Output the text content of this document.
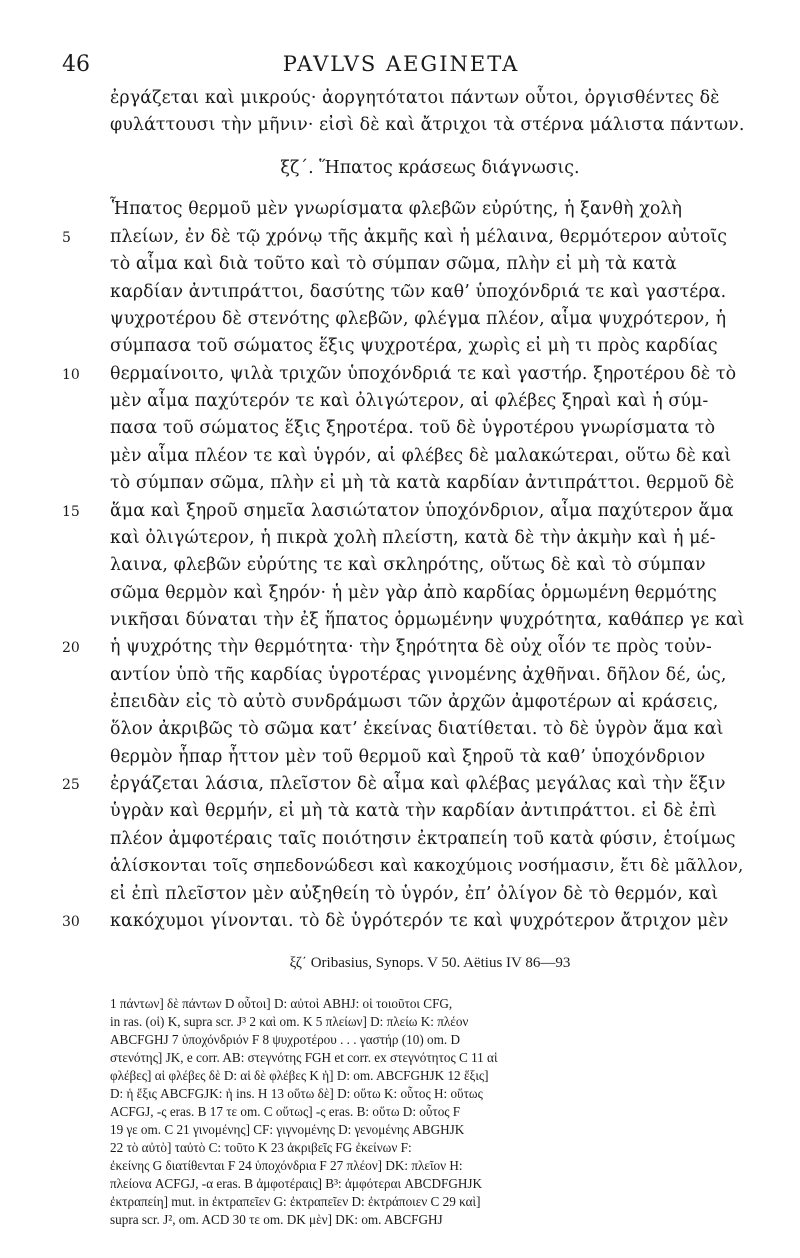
46	PAVLVS AEGINETA
ἐργάζεται καὶ μικρούς· ἀοργητότατοι πάντων οὗτοι, ὀργισθέντες δὲ
φυλάττουσι τὴν μῆνιν· εἰσὶ δὲ καὶ ἄτριχοι τὰ στέρνα μάλιστα πάντων.
ξζ΄. Ἥπατος κράσεως διάγνωσις.
Ἧπατος θερμοῦ μὲν γνωρίσματα φλεβῶν εὐρύτης, ἡ ξανθὴ χολὴ
πλείων, ἐν δὲ τῷ χρόνῳ τῆς ἀκμῆς καὶ ἡ μέλαινα, θερμότερον αὐτοῖς
τὸ αἷμα καὶ διὰ τοῦτο καὶ τὸ σύμπαν σῶμα, πλὴν εἰ μὴ τὰ κατὰ
καρδίαν ἀντιπράττοι, δασύτης τῶν καθ’ ὑποχόνδριά τε καὶ γαστέρα.
ψυχροτέρου δὲ στενότης φλεβῶν, φλέγμα πλέον, αἷμα ψυχρότερον, ἡ
σύμπασα τοῦ σώματος ἕξις ψυχροτέρα, χωρὶς εἰ μὴ τι πρὸς καρδίας
θερμαίνοιτο, ψιλὰ τριχῶν ὑποχόνδριά τε καὶ γαστήρ. ξηροτέρου δὲ τὸ
μὲν αἷμα παχύτερόν τε καὶ ὀλιγώτερον, αἱ φλέβες ξηραὶ καὶ ἡ σύμ-
πασα τοῦ σώματος ἕξις ξηροτέρα. τοῦ δὲ ὑγροτέρου γνωρίσματα τὸ
μὲν αἷμα πλέον τε καὶ ὑγρόν, αἱ φλέβες δὲ μαλακώτεραι, οὕτω δὲ καὶ
τὸ σύμπαν σῶμα, πλὴν εἰ μὴ τὰ κατὰ καρδίαν ἀντιπράττοι. θερμοῦ δὲ
ἅμα καὶ ξηροῦ σημεῖα λασιώτατον ὑποχόνδριον, αἷμα παχύτερον ἅμα
καὶ ὀλιγώτερον, ἡ πικρὰ χολὴ πλείστη, κατὰ δὲ τὴν ἀκμὴν καὶ ἡ μέ-
λαινα, φλεβῶν εὐρύτης τε καὶ σκληρότης, οὕτως δὲ καὶ τὸ σύμπαν
σῶμα θερμὸν καὶ ξηρόν· ἡ μὲν γὰρ ἀπὸ καρδίας ὁρμωμένη θερμότης
νικῆσαι δύναται τὴν ἐξ ἥπατος ὁρμωμένην ψυχρότητα, καθάπερ γε καὶ
ἡ ψυχρότης τὴν θερμότητα· τὴν ξηρότητα δὲ οὐχ οἷόν τε πρὸς τοὐν-
αντίον ὑπὸ τῆς καρδίας ὑγροτέρας γινομένης ἀχθῆναι. δῆλον δέ, ὡς,
ἐπειδὰν εἰς τὸ αὐτὸ συνδράμωσι τῶν ἀρχῶν ἀμφοτέρων αἱ κράσεις,
ὅλον ἀκριβῶς τὸ σῶμα κατ’ ἐκείνας διατίθεται. τὸ δὲ ὑγρὸν ἅμα καὶ
θερμὸν ἧπαρ ἧττον μὲν τοῦ θερμοῦ καὶ ξηροῦ τὰ καθ’ ὑποχόνδριον
ἐργάζεται λάσια, πλεῖστον δὲ αἷμα καὶ φλέβας μεγάλας καὶ τὴν ἕξιν
ὑγρὰν καὶ θερμήν, εἰ μὴ τὰ κατὰ τὴν καρδίαν ἀντιπράττοι. εἰ δὲ ἐπὶ
πλέον ἀμφοτέραις ταῖς ποιότησιν ἐκτραπείη τοῦ κατὰ φύσιν, ἑτοίμως
ἁλίσκονται τοῖς σηπεδονώδεσι καὶ κακοχύμοις νοσήμασιν, ἔτι δὲ μᾶλλον,
εἰ ἐπὶ πλεῖστον μὲν αὐξηθείη τὸ ὑγρόν, ἐπ’ ὀλίγον δὲ τὸ θερμόν, καὶ
κακόχυμοι γίνονται. τὸ δὲ ὑγρότερόν τε καὶ ψυχρότερον ἄτριχον μὲν
5
10
15
20
25
30
ξζ΄ Oribasius, Synops. V 50. Aëtius IV 86—93
1 πάντων] δὲ πάντων D οὗτοι] D: αὐτοὶ ABHJ: οἱ τοιοῦτοι CFG,
in ras. (οἱ) K, supra scr. J³ 2 καὶ om. K 5 πλείων] D: πλείω K: πλέον
ABCFGHJ 7 ὑποχόνδριόν F 8 ψυχροτέρου . . . γαστήρ (10) om. D
στενότης] JK, e corr. AB: στεγνότης FGH et corr. ex στεγνότητος C 11 αἱ
φλέβες] αἱ φλέβες δὲ D: αἱ δὲ φλέβες K ἡ] D: om. ABCFGHJK 12 ἕξις]
D: ἡ ἕξις ABCFGJK: ἡ ins. H 13 οὕτω δὲ] D: οὕτω K: οὗτος H: οὕτως
ACFGJ, -ς eras. B 17 τε om. C οὕτως] -ς eras. B: οὕτω D: οὗτος F
19 γε om. C 21 γινομένης] CF: γιγνομένης D: γενομένης ABGHJK
22 τὸ αὐτὸ] ταὐτὸ C: τοῦτο K 23 ἀκριβεῖς FG ἐκείνων F:
ἐκείνης G διατίθενται F 24 ὑποχόνδρια F 27 πλέον] DK: πλεῖον H:
πλείονα ACFGJ, -α eras. B ἀμφοτέραις] B³: ἀμφότεραι ABCDFGHJK
ἐκτραπείη] mut. in ἐκτραπεῖεν G: ἐκτραπεῖεν D: ἐκτράποιεν C 29 καὶ]
supra scr. J², om. ACD 30 τε om. DK μὲν] DK: om. ABCFGHJ
